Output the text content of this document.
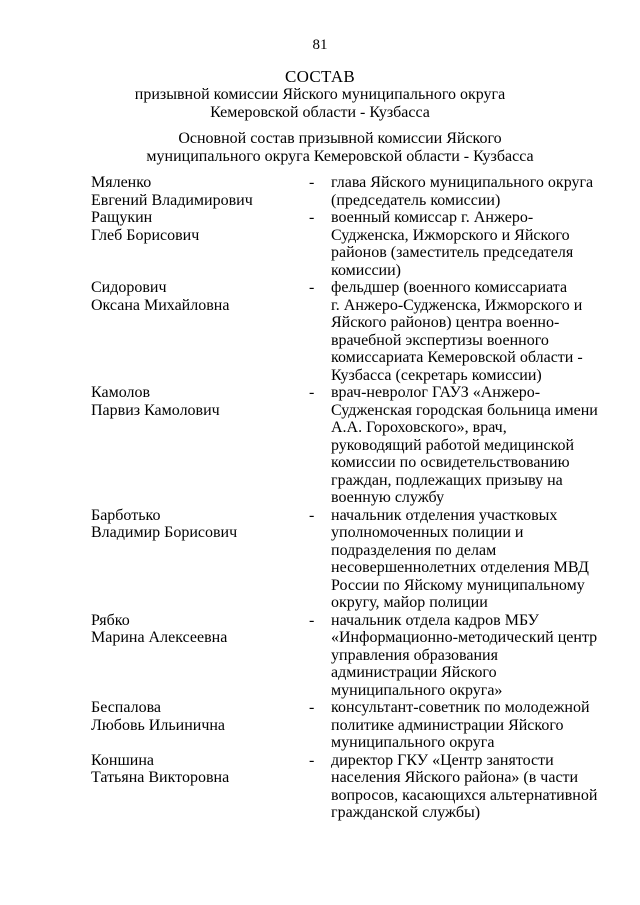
81
СОСТАВ
призывной комиссии Яйского муниципального округа
Кемеровской области - Кузбасса
Основной состав призывной комиссии Яйского
муниципального округа Кемеровской области - Кузбасса
Мяленко
Евгений Владимирович
-	глава Яйского муниципального округа
(председатель комиссии)
Ращукин
Глеб Борисович
-	военный комиссар г. Анжеро-
Судженска, Ижморского и Яйского
районов (заместитель председателя
комиссии)
Сидорович
Оксана Михайловна
-	фельдшер (военного комиссариата
г. Анжеро-Судженска, Ижморского и
Яйского районов) центра военно-
врачебной экспертизы военного
комиссариата Кемеровской области -
Кузбасса (секретарь комиссии)
Камолов
Парвиз Камолович
-	врач-невролог ГАУЗ «Анжеро-
Судженская городская больница имени
А.А. Гороховского», врач,
руководящий работой медицинской
комиссии по освидетельствованию
граждан, подлежащих призыву на
военную службу
Барботько
Владимир Борисович
-	начальник отделения участковых
уполномоченных полиции и
подразделения по делам
несовершеннолетних отделения МВД
России по Яйскому муниципальному
округу, майор полиции
Рябко
Марина Алексеевна
-	начальник отдела кадров МБУ
«Информационно-методический центр
управления образования
администрации Яйского
муниципального округа»
Беспалова
Любовь Ильинична
-	консультант-советник по молодежной
политике администрации Яйского
муниципального округа
Коншина
Татьяна Викторовна
-	директор ГКУ «Центр занятости
населения Яйского района» (в части
вопросов, касающихся альтернативной
гражданской службы)
